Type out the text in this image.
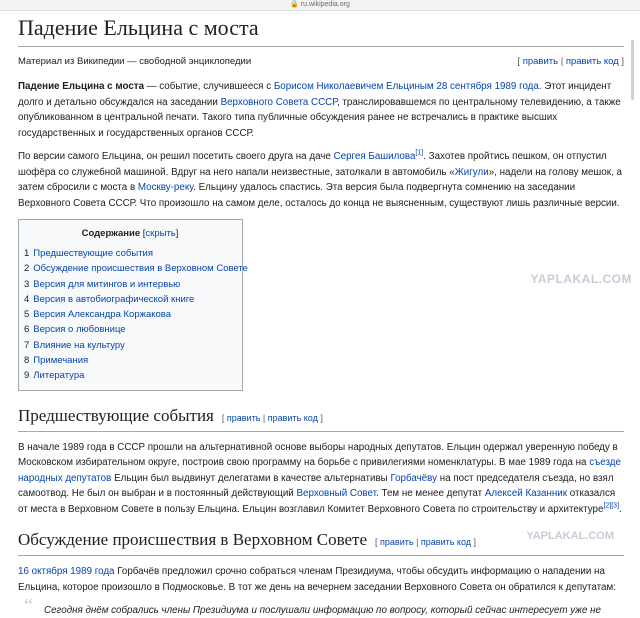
🔒 ru.wikipedia.org
Падение Ельцина с моста
Материал из Википедии — свободной энциклопедии	[ править | править код ]

Падение Ельцина с моста — событие, случившееся с Борисом Николаевичем Ельциным 28 сентября 1989 года. Этот инцидент долго и детально обсуждался на заседании Верховного Совета СССР, транслировавшемся по центральному телевидению, а также опубликованном в центральной печати. Такого типа публичные обсуждения ранее не встречались в практике высших государственных и государственных органов СССР.

По версии самого Ельцина, он решил посетить своего друга на даче Сергея Башилова[1]. Захотев пройтись пешком, он отпустил шофёра со служебной машиной. Вдруг на него напали неизвестные, затолкали в автомобиль «Жигули», надели на голову мешок, а затем сбросили с моста в Москву-реку. Ельцину удалось спастись. Эта версия была подвергнута сомнению на заседании Верховного Совета СССР. Что произошло на самом деле, осталось до конца не выясненным, существуют лишь различные версии.

Содержание [скрыть]
1 Предшествующие события
2 Обсуждение происшествия в Верховном Совете
3 Версия для митингов и интервью
4 Версия в автобиографической книге
5 Версия Александра Коржакова
6 Версия о любовнице
7 Влияние на культуру
8 Примечания
9 Литература
Предшествующие события [ править | править код ]

В начале 1989 года в СССР прошли на альтернативной основе выборы народных депутатов. Ельцин одержал уверенную победу в Московском избирательном округе, построив свою программу на борьбе с привилегиями номенклатуры. В мае 1989 года на съезде народных депутатов Ельцин был выдвинут делегатами в качестве альтернативы Горбачёву на пост председателя съезда, но взял самоотвод. Не был он выбран и в постоянный действующий Верховный Совет. Тем не менее депутат Алексей Казанник отказался от места в Верховном Совете в пользу Ельцина. Ельцин возглавил Комитет Верховного Совета по строительству и архитектуре[2][3].

Обсуждение происшествия в Верховном Совете [ править | править код ]

16 октября 1989 года Горбачёв предложил срочно собраться членам Президиума, чтобы обсудить информацию о нападении на Ельцина, которое произошло в Подмосковье. В тот же день на вечернем заседании Верховного Совета он обратился к депутатам:

“ Сегодня днём собрались члены Президиума и послушали информацию по вопросу, который сейчас интересует уже не
YAPLAKAL.COM
YAPLAKAL.COM
